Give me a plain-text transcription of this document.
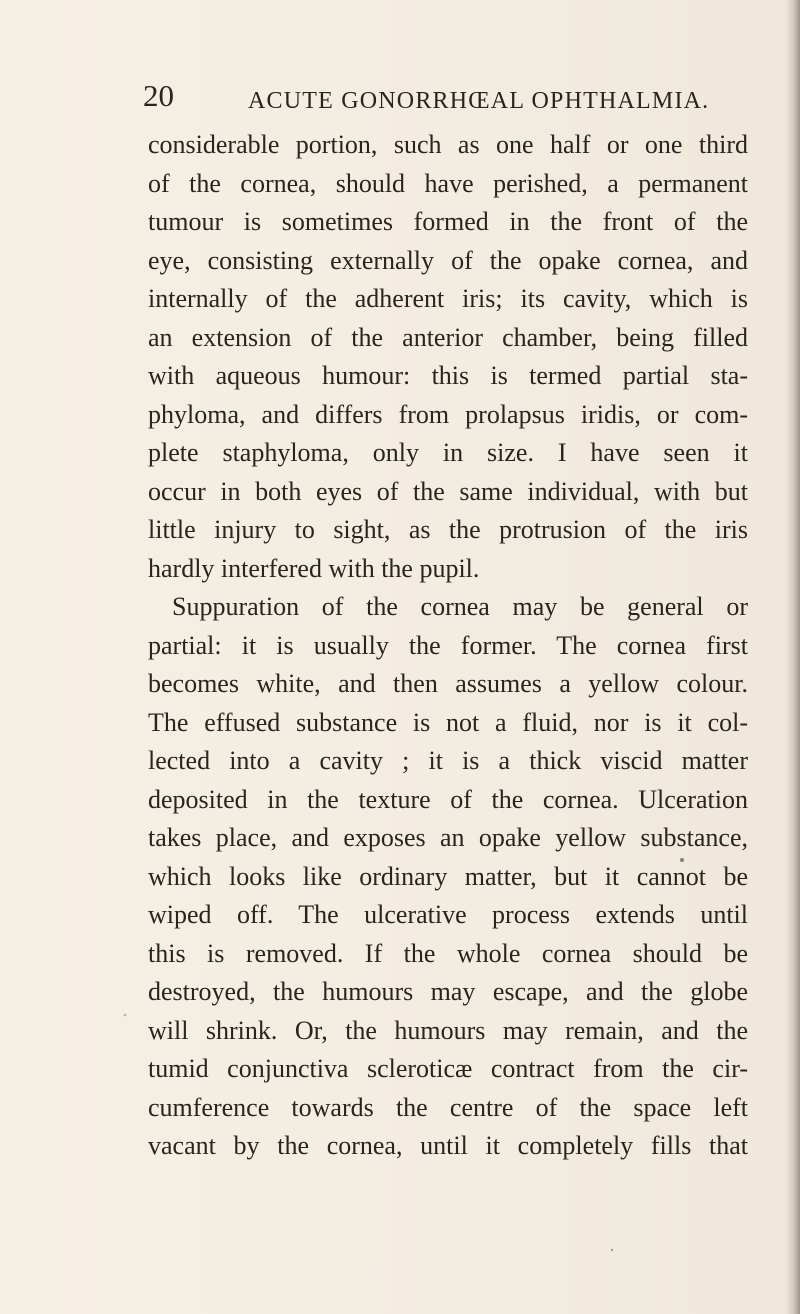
20	ACUTE GONORRHŒAL OPHTHALMIA.
considerable portion, such as one half or one third
of the cornea, should have perished, a permanent
tumour is sometimes formed in the front of the
eye, consisting externally of the opake cornea, and
internally of the adherent iris; its cavity, which is
an extension of the anterior chamber, being filled
with aqueous humour: this is termed partial sta-
phyloma, and differs from prolapsus iridis, or com-
plete staphyloma, only in size. I have seen it
occur in both eyes of the same individual, with but
little injury to sight, as the protrusion of the iris
hardly interfered with the pupil.
Suppuration of the cornea may be general or
partial: it is usually the former. The cornea first
becomes white, and then assumes a yellow colour.
The effused substance is not a fluid, nor is it col-
lected into a cavity ; it is a thick viscid matter
deposited in the texture of the cornea. Ulceration
takes place, and exposes an opake yellow substance,
which looks like ordinary matter, but it cannot be
wiped off. The ulcerative process extends until
this is removed. If the whole cornea should be
destroyed, the humours may escape, and the globe
will shrink. Or, the humours may remain, and the
tumid conjunctiva scleroticæ contract from the cir-
cumference towards the centre of the space left
vacant by the cornea, until it completely fills that
